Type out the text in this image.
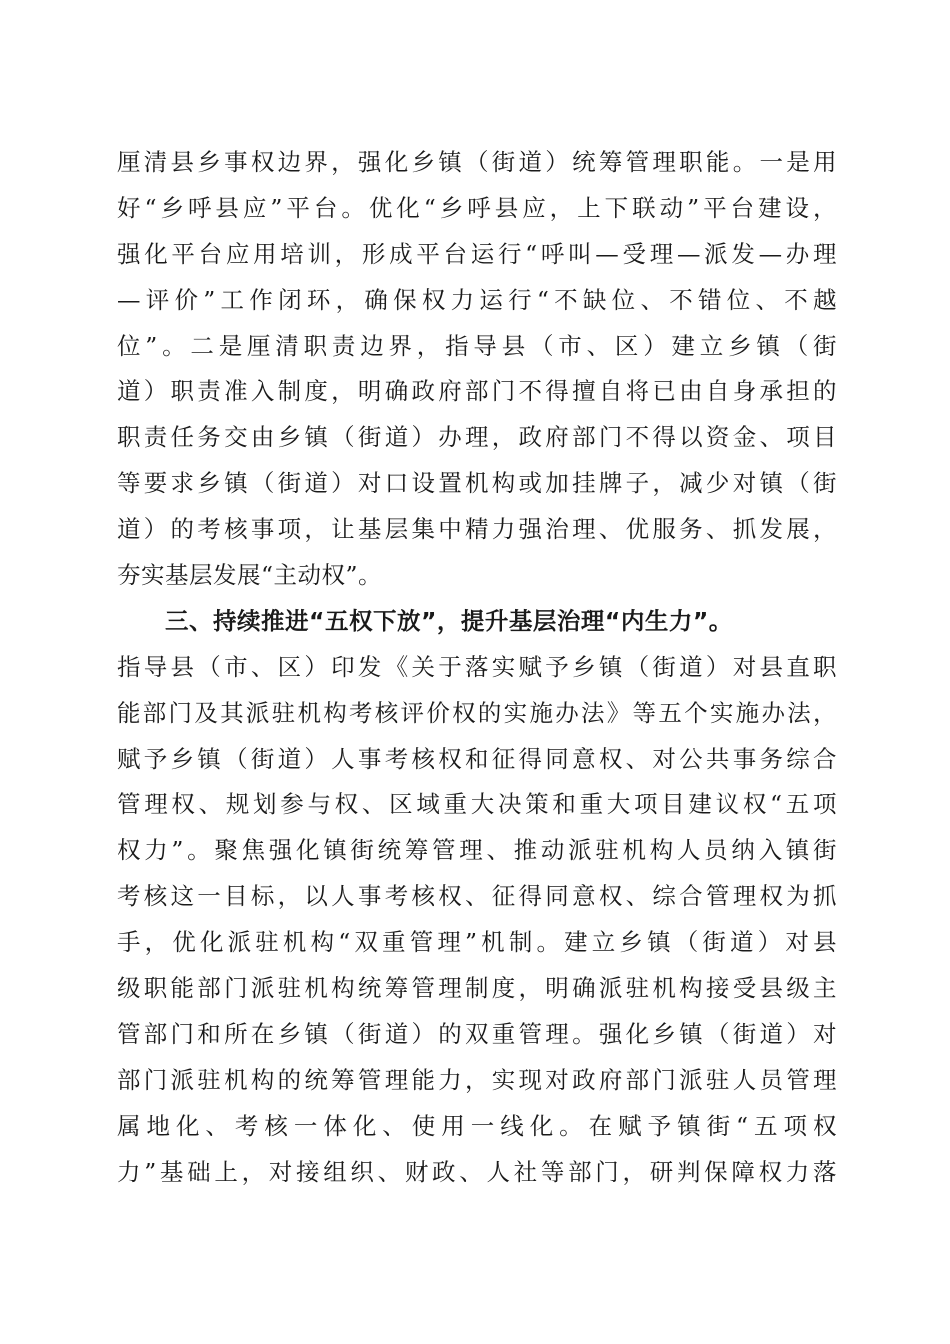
厘清县乡事权边界，强化乡镇（街道）统筹管理职能。一是用
好“乡呼县应”平台。优化“乡呼县应，上下联动”平台建设，
强化平台应用培训，形成平台运行“呼叫—受理—派发—办理
—评价”工作闭环，确保权力运行“不缺位、不错位、不越
位”。二是厘清职责边界，指导县（市、区）建立乡镇（街
道）职责准入制度，明确政府部门不得擅自将已由自身承担的
职责任务交由乡镇（街道）办理，政府部门不得以资金、项目
等要求乡镇（街道）对口设置机构或加挂牌子，减少对镇（街
道）的考核事项，让基层集中精力强治理、优服务、抓发展，
夯实基层发展“主动权”。
三、持续推进“五权下放”，提升基层治理“内生力”。
指导县（市、区）印发《关于落实赋予乡镇（街道）对县直职
能部门及其派驻机构考核评价权的实施办法》等五个实施办法，
赋予乡镇（街道）人事考核权和征得同意权、对公共事务综合
管理权、规划参与权、区域重大决策和重大项目建议权“五项
权力”。聚焦强化镇街统筹管理、推动派驻机构人员纳入镇街
考核这一目标，以人事考核权、征得同意权、综合管理权为抓
手，优化派驻机构“双重管理”机制。建立乡镇（街道）对县
级职能部门派驻机构统筹管理制度，明确派驻机构接受县级主
管部门和所在乡镇（街道）的双重管理。强化乡镇（街道）对
部门派驻机构的统筹管理能力，实现对政府部门派驻人员管理
属地化、考核一体化、使用一线化。在赋予镇街“五项权
力”基础上，对接组织、财政、人社等部门，研判保障权力落
